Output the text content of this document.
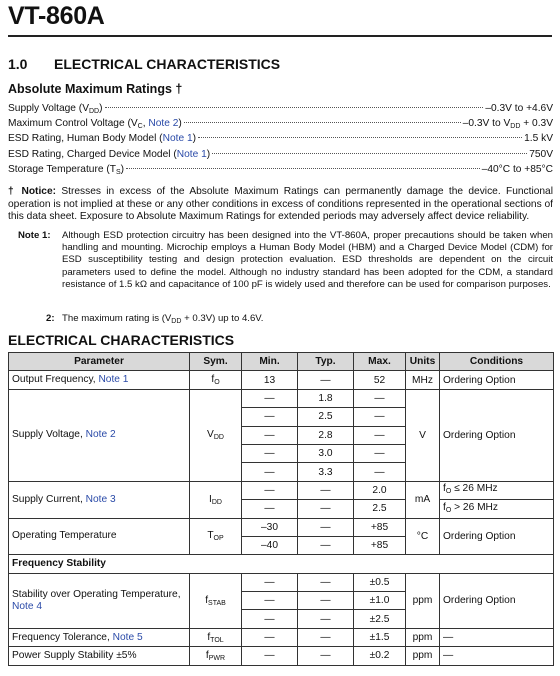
VT-860A
1.0 ELECTRICAL CHARACTERISTICS
Absolute Maximum Ratings †
Supply Voltage $(V_{DD})$	–0.3V to +4.6V
Maximum Control Voltage ($V_C$, Note 2)	–0.3V to $V_{DD} + 0.3V$
ESD Rating, Human Body Model (Note 1)	1.5 kV
ESD Rating, Charged Device Model (Note 1)	750V
Storage Temperature $(T_S)$	–40°C to +85°C
† Notice: Stresses in excess of the Absolute Maximum Ratings can permanently damage the device. Functional operation is not implied at these or any other conditions in excess of conditions represented in the operational sections of this data sheet. Exposure to Absolute Maximum Ratings for extended periods may adversely affect device reliability.
Note 1:	Although ESD protection circuitry has been designed into the VT-860A, proper precautions should be taken when handling and mounting. Microchip employs a Human Body Model (HBM) and a Charged Device Model (CDM) for ESD susceptibility testing and design protection evaluation. ESD thresholds are dependent on the circuit parameters used to define the model. Although no industry standard has been adopted for the CDM, a standard resistance of 1.5 kΩ and capacitance of 100 pF is widely used and therefore can be used for comparison purposes.
2: The maximum rating is $(V_{DD} + 0.3V)$ up to 4.6V.
ELECTRICAL CHARACTERISTICS
Parameter	Sym.	Min.	Typ.	Max.	Units	Conditions
Output Frequency, Note 1	$f_O$	13	—	52	MHz	Ordering Option
Supply Voltage, Note 2	$V_{DD}$	—	1.8	—	V	Ordering Option
		—	2.5	—		
		—	2.8	—		
		—	3.0	—		
		—	3.3	—		
Supply Current, Note 3	$I_{DD}$	—	—	2.0	mA	$f_O \le 26$ MHz
		—	—	2.5		$f_O > 26$ MHz
Operating Temperature	$T_{OP}$	–30	—	+85	°C	Ordering Option
		–40	—	+85		
Frequency Stability						
Stability over Operating Temperature, Note 4	$f_{STAB}$	—	—	±0.5	ppm	Ordering Option
		—	—	±1.0		
		—	—	±2.5		
Frequency Tolerance, Note 5	$f_{TOL}$	—	—	±1.5	ppm	—
Power Supply Stability ±5%	$f_{PWR}$	—	—	±0.2	ppm	—
